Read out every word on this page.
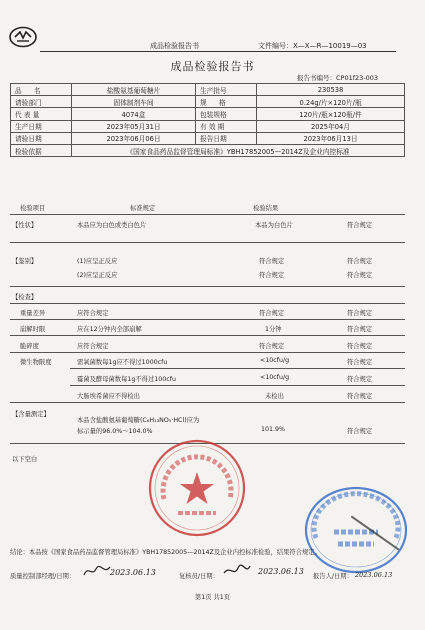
成品检验报告书	文件编号：X—X—R—10019—03
成品检验报告书
报告书编号：CP01f23-003
品 名	盐酸氨基葡萄糖片	生产批号	230538
请验部门	固体制剂车间	规 格	0.24g/片×120片/瓶
代 表 量	4074盒	包装规格	120片/瓶×120瓶/件
生产日期	2023年05月31日	有 效 期	2025年04月
请验日期	2023年06月06日	报告日期	2023年06月13日
检验依据	《国家食品药品监督管理局标准》YBH17852005—2014Z及企业内控标准		
检验项目	标准规定	检验结果
【性状】	本品应为白色或类白色片	本品为白色片	符合规定
【鉴别】	(1)应呈正反应	符合规定	符合规定
(2)应呈正反应	符合规定	符合规定
【检查】
重量差异	应符合规定	符合规定	符合规定
崩解时限	应在12分钟内全部崩解	1分钟	符合规定
脆碎度	应符合规定	符合规定	符合规定
微生物限度	需氧菌数每1g应不得过1000cfu	<10cfu/g	符合规定
霉菌及酵母菌数每1g不得过100cfu	<10cfu/g	符合规定
大肠埃希菌应不得检出	未检出	符合规定
【含量测定】
本品含盐酸氨基葡萄糖(C₆H₁₃NO₅·HCl)应为
标示量的96.0%～104.0%	101.9%	符合规定
以下空白
结论：本品按《国家食品药品监督管理局标准》YBH17852005—2014Z及企业内控标准检验，结果符合规定。
质量控制部经理/日期：	2023.06.13	复核员/日期：
2023.06.13
报告人/日期： 2023.06.13
第1页 共1页
